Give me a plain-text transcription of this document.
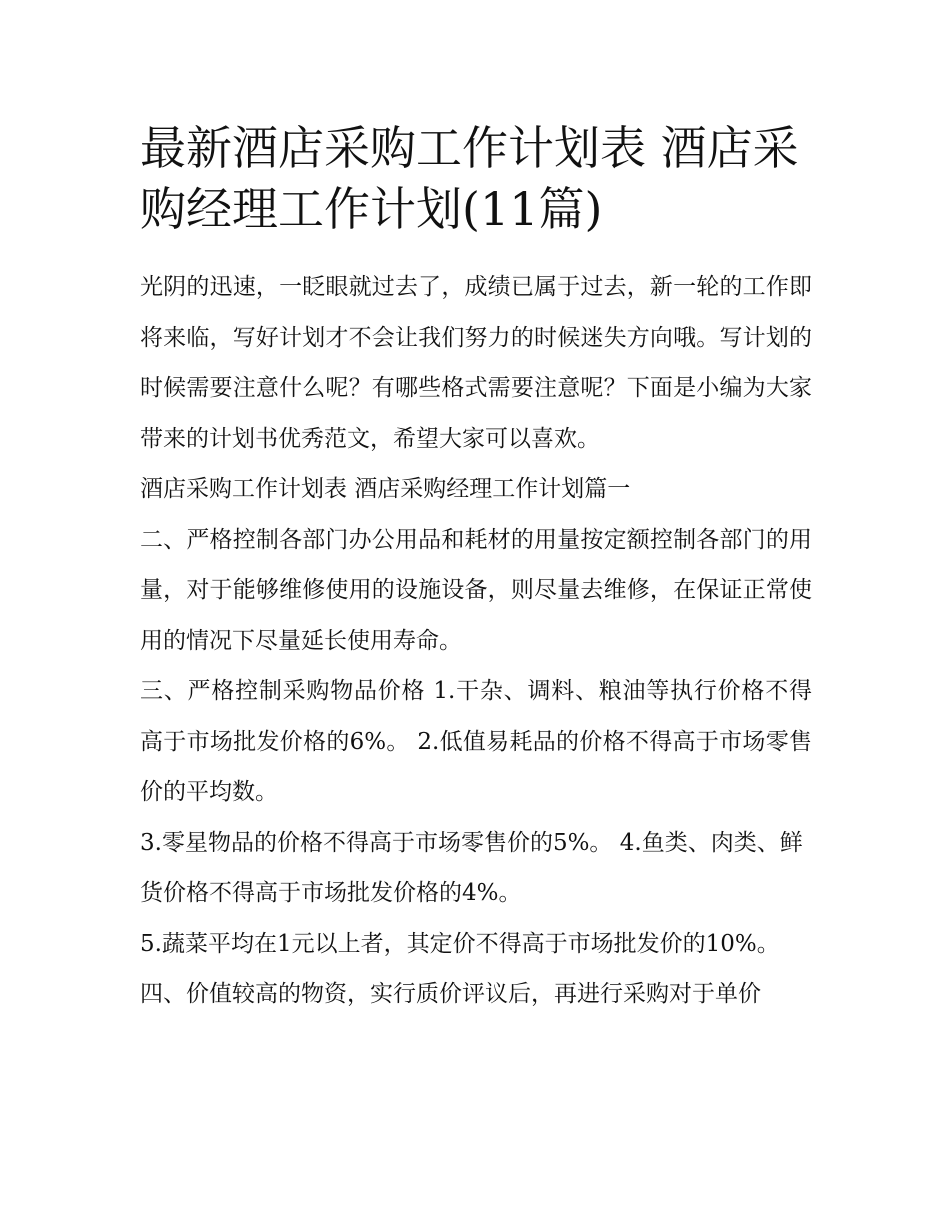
最新酒店采购工作计划表 酒店采购经理工作计划(11篇)

光阴的迅速，一眨眼就过去了，成绩已属于过去，新一轮的工作即将来临，写好计划才不会让我们努力的时候迷失方向哦。写计划的时候需要注意什么呢？有哪些格式需要注意呢？下面是小编为大家带来的计划书优秀范文，希望大家可以喜欢。

酒店采购工作计划表 酒店采购经理工作计划篇一

二、严格控制各部门办公用品和耗材的用量按定额控制各部门的用量，对于能够维修使用的设施设备，则尽量去维修，在保证正常使用的情况下尽量延长使用寿命。

三、严格控制采购物品价格 1.干杂、调料、粮油等执行价格不得高于市场批发价格的6%。 2.低值易耗品的价格不得高于市场零售价的平均数。

3.零星物品的价格不得高于市场零售价的5%。 4.鱼类、肉类、鲜货价格不得高于市场批发价格的4%。

5.蔬菜平均在1元以上者，其定价不得高于市场批发价的10%。

四、价值较高的物资，实行质价评议后，再进行采购对于单价
